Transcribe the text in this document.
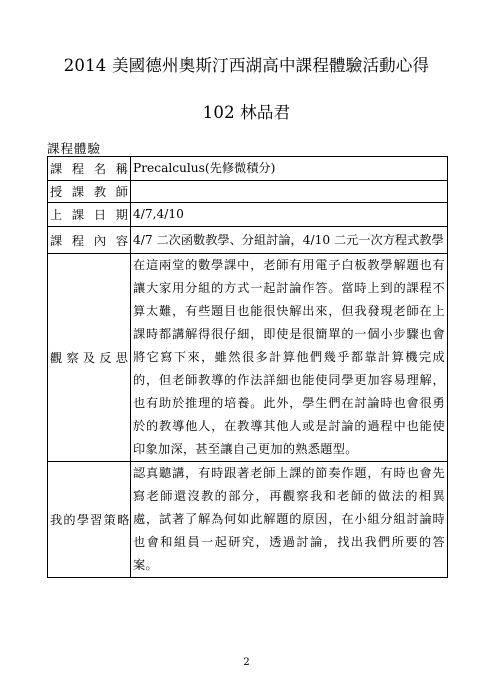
2014 美國德州奧斯汀西湖高中課程體驗活動心得
102 林品君
課程體驗
課程名稱	Precalculus(先修微積分)
授課教師	
上課日期	4/7,4/10
課程內容	4/7 二次函數教學、分組討論，4/10 二元一次方程式教學
觀察及反思	在這兩堂的數學課中，老師有用電子白板教學解題也有讓大家用分組的方式一起討論作答。當時上到的課程不算太難，有些題目也能很快解出來，但我發現老師在上課時都講解得很仔細，即使是很簡單的一個小步驟也會將它寫下來，雖然很多計算他們幾乎都靠計算機完成的，但老師教導的作法詳細也能使同學更加容易理解，也有助於推理的培養。此外，學生們在討論時也會很勇於的教導他人，在教導其他人或是討論的過程中也能使印象加深，甚至讓自己更加的熟悉題型。
我的學習策略	認真聽講，有時跟著老師上課的節奏作題，有時也會先寫老師還沒教的部分，再觀察我和老師的做法的相異處，試著了解為何如此解題的原因，在小組分組討論時也會和組員一起研究，透過討論，找出我們所要的答案。
2
